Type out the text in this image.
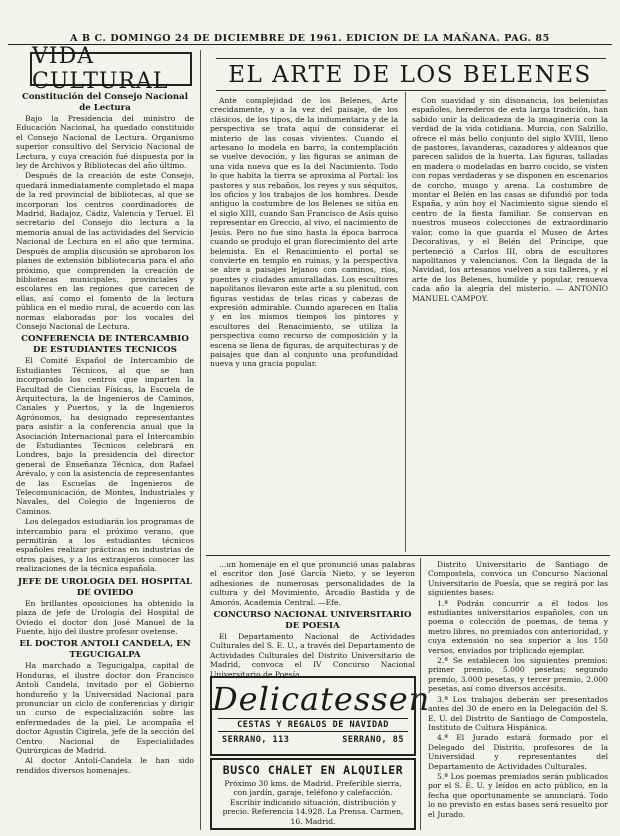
A B C. DOMINGO 24 DE DICIEMBRE DE 1961. EDICION DE LA MAÑANA. PAG. 85
VIDA CULTURAL
Constitución del Consejo Nacional de Lectura

Bajo la Presidencia del ministro de Educación Nacional, ha quedado constituido el Consejo Nacional de Lectura. Organismo superior consultivo del Servicio Nacional de Lectura, y cuya creación fué dispuesta por la ley de Archivos y Bibliotecas del año último.

Después de la creación de este Consejo, quedará inmediatamente completado el mapa de la red provincial de bibliotecas, al que se incorporan los centros coordinadores de Madrid, Badajoz, Cádiz, Valencia y Teruel. El secretario del Consejo dio lectura a la memoria anual de las actividades del Servicio Nacional de Lectura en el año que termina. Después de amplia discusión se aprobaron los planes de extensión bibliotecaria para el año próximo, que comprenden la creación de bibliotecas municipales, provinciales y escolares en las regiones que carecen de ellas, así como el fomento de la lectura pública en el medio rural, de acuerdo con las normas elaboradas por los vocales del Consejo Nacional de Lectura.

CONFERENCIA DE INTERCAMBIO DE ESTUDIANTES TECNICOS

El Comité Español de Intercambio de Estudiantes Técnicos, al que se han incorporado los centros que imparten la Facultad de Ciencias Físicas, la Escuela de Arquitectura, la de Ingenieros de Caminos, Canales y Puertos, y la de Ingenieros Agrónomos, ha designado representantes para asistir a la conferencia anual que la Asociación Internacional para el Intercambio de Estudiantes Técnicos celebrará en Londres, bajo la presidencia del director general de Enseñanza Técnica, don Rafael Arévalo, y con la asistencia de representantes de las Escuelas de Ingenieros de Telecomunicación, de Montes, Industriales y Navales, del Colegio de Ingenieros de Caminos.

Los delegados estudiarán los programas de intercambio para el próximo verano, que permitirán a los estudiantes técnicos españoles realizar prácticas en industrias de otros países, y a los extranjeros conocer las realizaciones de la técnica española.

JEFE DE UROLOGIA DEL HOSPITAL DE OVIEDO

En brillantes oposiciones ha obtenido la plaza de jefe de Urología del Hospital de Oviedo el doctor don José Manuel de la Fuente, hijo del ilustre profesor ovetense.

EL DOCTOR ANTOLI CANDELA, EN TEGUCIGALPA

Ha marchado a Tegucigalpa, capital de Honduras, el ilustre doctor don Francisco Antolí Candela, invitado por el Gobierno hondureño y la Universidad Nacional para pronunciar un ciclo de conferencias y dirigir un curso de especialización sobre las enfermedades de la piel. Le acompaña el doctor Agustín Cigirela, jefe de la sección del Centro Nacional de Especialidades Quirúrgicas de Madrid.

Al doctor Antolí-Candela le han sido rendidos diversos homenajes.

EL ARTE DE LOS BELENES

Ante complejidad de los Belenes, Arte crecidamente, y a la vez del paisaje, de los clásicos, de los tipos, de la indumentaria y de la perspectiva se trata aquí de considerar el misterio de las cosas vivientes. Cuando el artesano lo modela en barro, la contemplación se vuelve devoción, y las figuras se animan de una vida nueva que es la del Nacimiento. Todo lo que habita la tierra se aproxima al Portal: los pastores y sus rebaños, los reyes y sus séquitos, los oficios y los trabajos de los hombres. Desde antiguo la costumbre de los Belenes se sitúa en el siglo XIII, cuando San Francisco de Asís quiso representar en Greccio, al vivo, el nacimiento de Jesús. Pero no fue sino hasta la época barroca cuando se produjo el gran florecimiento del arte belenista. En el Renacimiento el portal se convierte en templo en ruinas, y la perspectiva se abre a paisajes lejanos con caminos, ríos, puentes y ciudades amuralladas. Los escultores napolitanos llevaron este arte a su plenitud, con figuras vestidas de telas ricas y cabezas de expresión admirable. Cuando aparecen en Italia y en los mismos tiempos los pintores y escultores del Renacimiento, se utiliza la perspectiva como recurso de composición y la escena se llena de figuras, de arquitecturas y de paisajes que dan al conjunto una profundidad nueva y una gracia popular.

Con suavidad y sin disonancia, los belenistas españoles, herederos de esta larga tradición, han sabido unir la delicadeza de la imaginería con la verdad de la vida cotidiana. Murcia, con Salzillo, ofrece el más bello conjunto del siglo XVIII, lleno de pastores, lavanderas, cazadores y aldeanos que parecen salidos de la huerta. Las figuras, talladas en madera o modeladas en barro cocido, se visten con ropas verdaderas y se disponen en escenarios de corcho, musgo y arena. La costumbre de montar el Belén en las casas se difundió por toda España, y aún hoy el Nacimiento sigue siendo el centro de la fiesta familiar. Se conservan en nuestros museos colecciones de extraordinario valor, como la que guarda el Museo de Artes Decorativas, y el Belén del Príncipe, que perteneció a Carlos III, obra de escultores napolitanos y valencianos. Con la llegada de la Navidad, los artesanos vuelven a sus talleres, y el arte de los Belenes, humilde y popular, renueva cada año la alegría del misterio. — ANTONIO MANUEL CAMPOY.

...un homenaje en el que pronunció unas palabras el escritor don José García Nieto, y se leyeron adhesiones de numerosas personalidades de la cultura y del Movimiento, Arcadio Bastida y de Amorós, Academia Central. —Efe.

CONCURSO NACIONAL UNIVERSITARIO DE POESIA

El Departamento Nacional de Actividades Culturales del S. E. U., a través del Departamento de Actividades Culturales del Distrito Universitario de Madrid, convoca el IV Concurso Nacional Universitario de Poesía.

Delicatessen
CESTAS Y REGALOS DE NAVIDAD
SERRANO, 113	SERRANO, 85
BUSCO CHALET EN ALQUILER
Próximo 30 kms. de Madrid. Preferible sierra, con jardín, garaje, teléfono y calefacción. Escribir indicando situación, distribución y precio. Referencia 14.928. La Prensa. Carmen, 16. Madrid.

Distrito Universitario de Santiago de Compostela, convoca un Concurso Nacional Universitario de Poesía, que se regirá por las siguientes bases:

1.ª Podrán concurrir a él todos los estudiantes universitarios españoles, con un poema o colección de poemas, de tema y metro libres, no premiados con anterioridad, y cuya extensión no sea superior a los 150 versos, enviados por triplicado ejemplar.

2.ª Se establecen los siguientes premios: primer premio, 5.000 pesetas; segundo premio, 3.000 pesetas, y tercer premio, 2.000 pesetas, así como diversos accésits.

3.ª Los trabajos deberán ser presentados antes del 30 de enero en la Delegación del S. E. U. del Distrito de Santiago de Compostela, Instituto de Cultura Hispánica.

4.ª El Jurado estará formado por el Delegado del Distrito, profesores de la Universidad y representantes del Departamento de Actividades Culturales.

5.ª Los poemas premiados serán publicados por el S. E. U. y leídos en acto público, en la fecha que oportunamente se anunciará. Todo lo no previsto en estas bases será resuelto por el Jurado.
